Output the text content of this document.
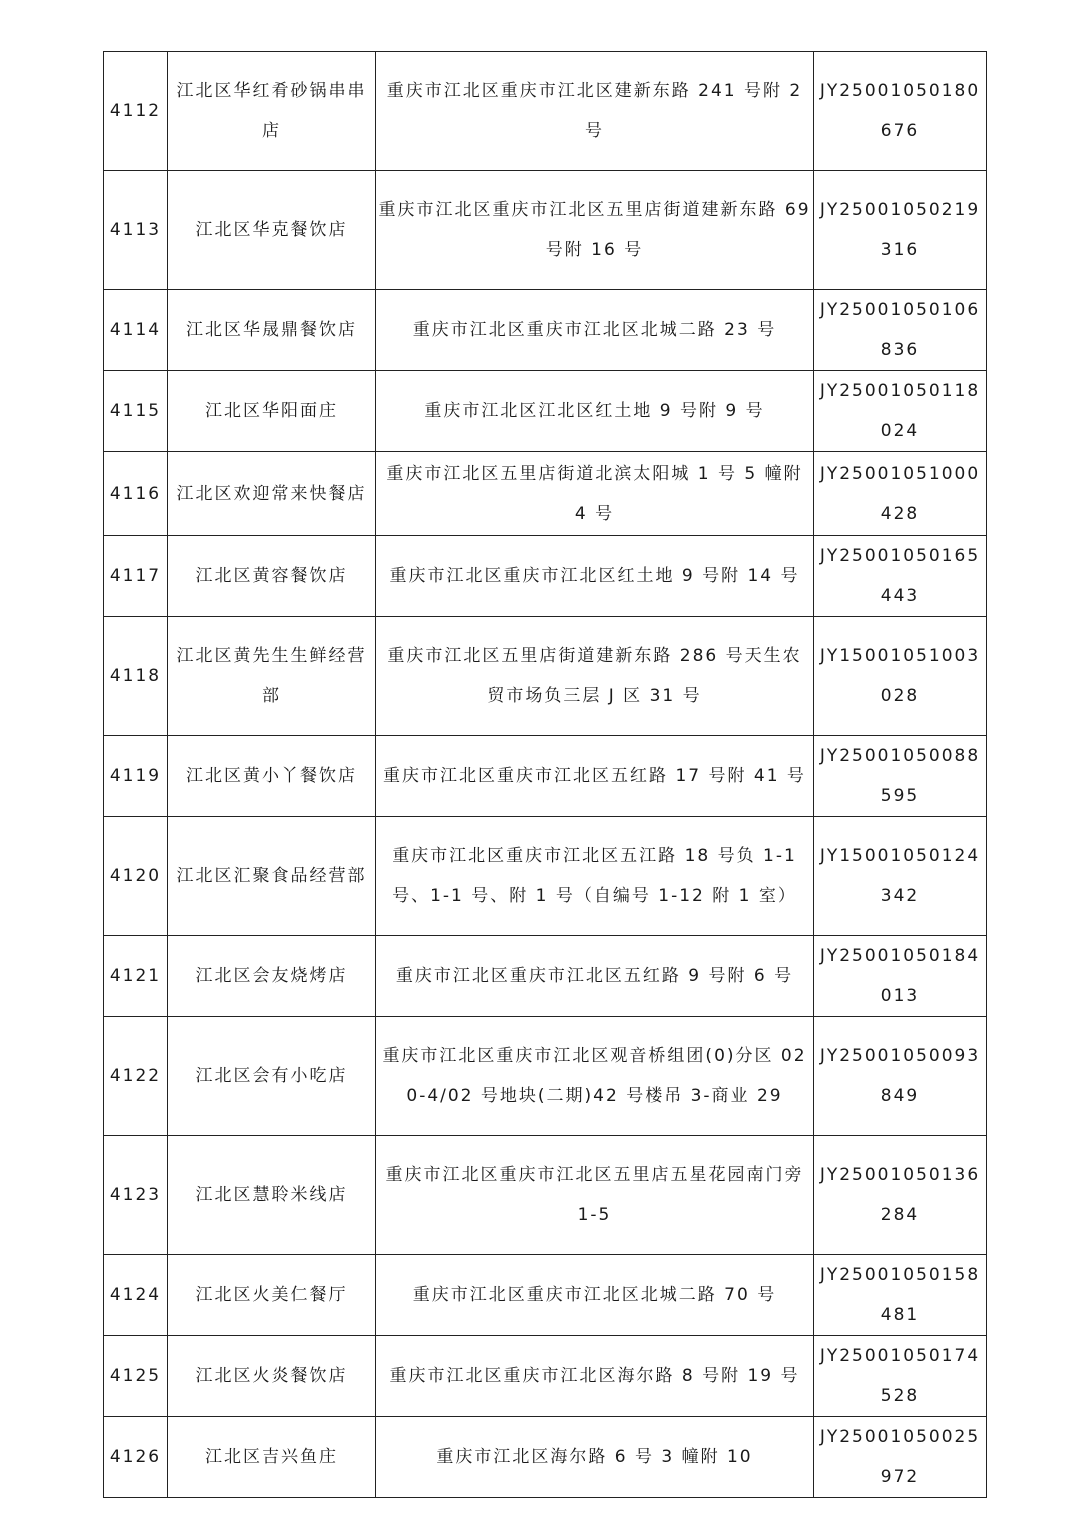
4112	江北区华红肴砂锅串串店	重庆市江北区重庆市江北区建新东路 241 号附 2 号	JY25001050180676
4113	江北区华克餐饮店	重庆市江北区重庆市江北区五里店街道建新东路 69 号附 16 号	JY25001050219316
4114	江北区华晟鼎餐饮店	重庆市江北区重庆市江北区北城二路 23 号	JY25001050106836
4115	江北区华阳面庄	重庆市江北区江北区红土地 9 号附 9 号	JY25001050118024
4116	江北区欢迎常来快餐店	重庆市江北区五里店街道北滨太阳城 1 号 5 幢附 4 号	JY25001051000428
4117	江北区黄容餐饮店	重庆市江北区重庆市江北区红土地 9 号附 14 号	JY25001050165443
4118	江北区黄先生生鲜经营部	重庆市江北区五里店街道建新东路 286 号天生农贸市场负三层 J 区 31 号	JY15001051003028
4119	江北区黄小丫餐饮店	重庆市江北区重庆市江北区五红路 17 号附 41 号	JY25001050088595
4120	江北区汇聚食品经营部	重庆市江北区重庆市江北区五江路 18 号负 1-1 号、1-1 号、附 1 号（自编号 1-12 附 1 室）	JY15001050124342
4121	江北区会友烧烤店	重庆市江北区重庆市江北区五红路 9 号附 6 号	JY25001050184013
4122	江北区会有小吃店	重庆市江北区重庆市江北区观音桥组团(0)分区 020-4/02 号地块(二期)42 号楼吊 3-商业 29	JY25001050093849
4123	江北区慧聆米线店	重庆市江北区重庆市江北区五里店五星花园南门旁 1-5	JY25001050136284
4124	江北区火美仁餐厅	重庆市江北区重庆市江北区北城二路 70 号	JY25001050158481
4125	江北区火炎餐饮店	重庆市江北区重庆市江北区海尔路 8 号附 19 号	JY25001050174528
4126	江北区吉兴鱼庄	重庆市江北区海尔路 6 号 3 幢附 10	JY25001050025972
